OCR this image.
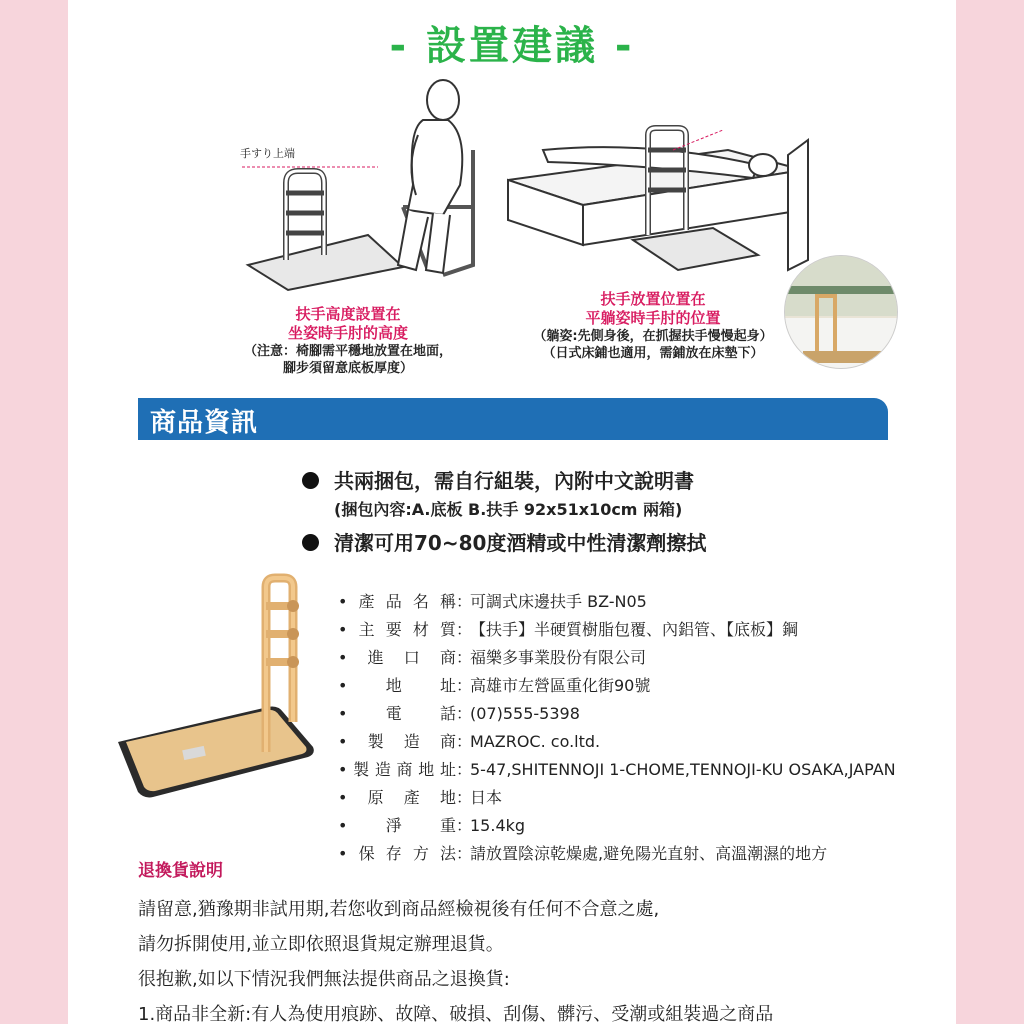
- 設置建議 -
手すり上端
扶手高度設置在
坐姿時手肘的高度
（注意：椅腳需平穩地放置在地面，
腳步須留意底板厚度）
扶手放置位置在
平躺姿時手肘的位置
（躺姿:先側身後，在抓握扶手慢慢起身）
（日式床鋪也適用，需鋪放在床墊下）
商品資訊
共兩捆包，需自行組裝，內附中文說明書
(捆包內容:A.底板 B.扶手 92x51x10cm 兩箱)
清潔可用70~80度酒精或中性清潔劑擦拭
• 產 品 名 稱 ：
可調式床邊扶手 BZ-N05
• 主 要 材 質 ：
【扶手】半硬質樹脂包覆、內鋁管、【底板】鋼
• 進 口 商 ：
福樂多事業股份有限公司
• 地 址 ：
高雄市左營區重化街90號
• 電 話 ：
(07)555-5398
• 製 造 商 ：
MAZROC. co.ltd.
• 製 造 商 地 址 ：
5-47,SHITENNOJI 1-CHOME,TENNOJI-KU OSAKA,JAPAN
• 原 產 地 ：
日本
• 淨 重 ：
15.4kg
• 保 存 方 法 ：
請放置陰涼乾燥處,避免陽光直射、高溫潮濕的地方
退換貨說明

請留意,猶豫期非試用期,若您收到商品經檢視後有任何不合意之處,

請勿拆開使用,並立即依照退貨規定辦理退貨。

很抱歉,如以下情況我們無法提供商品之退換貨:

1.商品非全新:有人為使用痕跡、故障、破損、刮傷、髒污、受潮或組裝過之商品
